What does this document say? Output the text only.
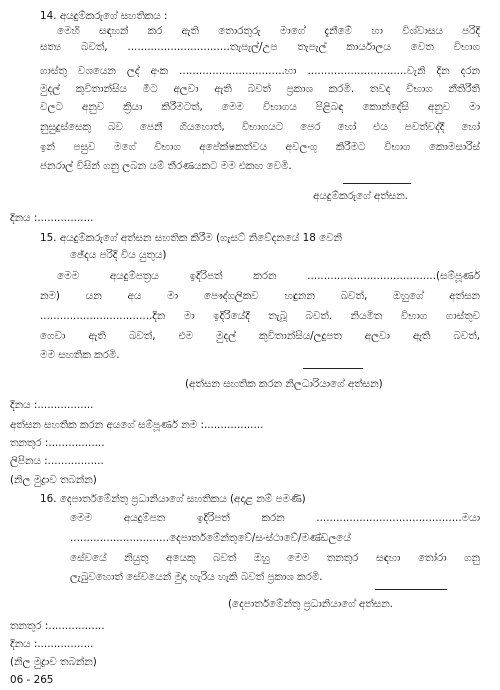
14. අයදුම්කරුගේ සහතිකය :
මෙහි සඳහන් කර ඇති තොරතුරු මාගේ දැනීමේ හා විශ්වාසය පරිදි
සත්‍ය බවත්, ...............................තැපැල්/උප තැපැල් කාර්යාලය වෙත විභාග
ගාස්තු වශයෙන ලද් අංක ................................හා ..............................වැනි දින දරන
මුදල් කුවිතාන්සිය මීට අලවා ඇති බවත් ප්‍රකාශ කරමි. තවද විභාග නීතිරීති
වලට අනුව ක්‍රියා කිරීමටත්, මෙම විභාගය පිළිබඳ කොන්දේසි අනුව මා
නුසුදුස්සෙකු බව පෙනී ගියහොත්, විභාගයට පෙර හෝ එය පවත්වද්දී හෝ
ඉන් පසුව මගේ විභාග අපේක්ෂකත්වය අවලංගු කිරීමට විභාග කොමසාරිස්
ජනරාල් විසින් ගනු ලබන යම් තීරණයකට මම එකඟ වෙමි.
අයදුම්කරුගේ අත්සන.
දිනය :.................
15. අයදුම්කරුගේ අත්සන සහතික කිරීම (ගැසට් නිවේදනයේ 18 වෙනි
ඡේදය පරිදි විය යුතුය)
මෙම අයදුම්පත්‍රය ඉදිරිපත් කරන .......................................(සම්පූර්ණ
නම) යන අය මා පෞද්ගලිකව හඳුනන බවත්, ඔහුගේ අත්සන
..................................දින මා ඉදිරියේදී තැබූ බවත්. නියමිත විභාග ගාස්තුව
ගෙවා ඇති බවත්, එම මුදල් කුවිතාන්සිය/ලදුපත අලවා ඇති බවත්,
මම සහතික කරමි.
(අත්සන සහතික කරන නිලධාරියාගේ අත්සන)
දිනය :.................
අත්සන සහතික කරන අයගේ සම්පූර්ණ නම :..................
තනතුර :.................
ලිපිනය :.................
(නිල මුද්‍රාව තබන්න)
16. දෙපාර්තමේන්තු ප්‍රධානියාගේ සහතිකය (අදාළ නම් පමණි)
මෙම අයදුම්පත ඉදිරිපත් කරන ............................................මයා
..............................දෙපාර්තමේන්තුවේ/සංස්ථාවේ/මණ්ඩලයේ
සේවයේ නියුතු අයෙකු බවත් ඔහු මෙම තනතුර සඳහා තෝරා ගනු
ලැබුවහොත් සේවයෙන් මුදා හැරිය හැකි බවත් ප්‍රකාශ කරමි.
(දෙපාර්තමේන්තු ප්‍රධානියාගේ අත්සන.
තනතුර :.................
දිනය :.................
(නිල මුද්‍රාව තබන්න)
06 - 265
